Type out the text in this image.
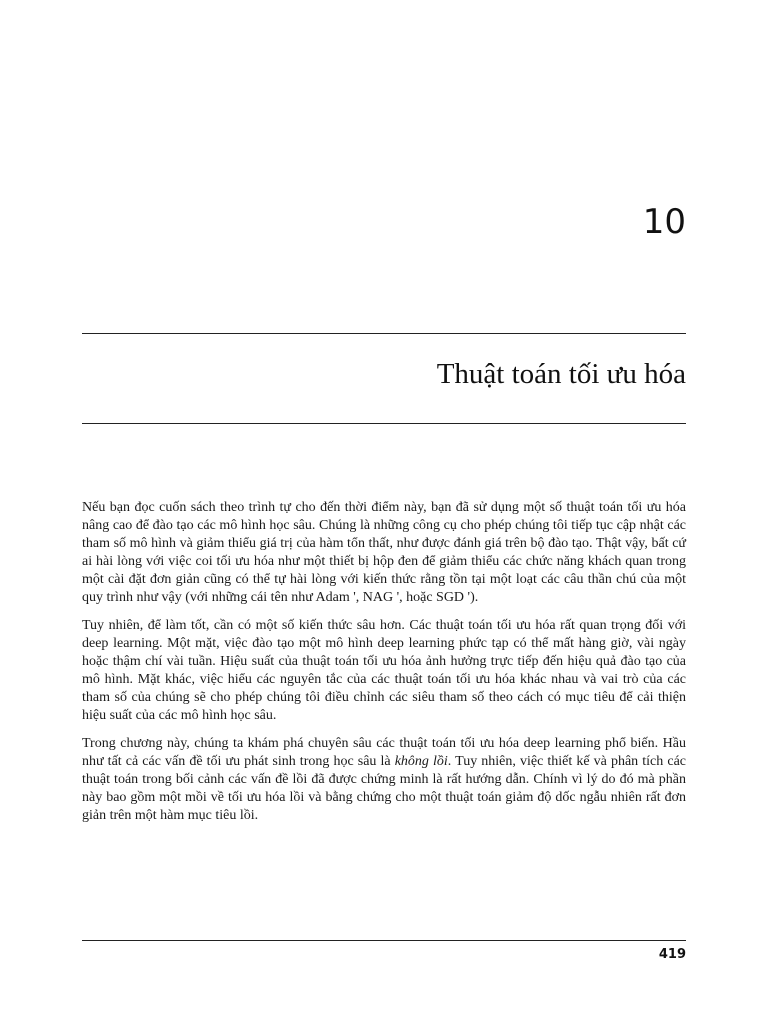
10
Thuật toán tối ưu hóa

Nếu bạn đọc cuốn sách theo trình tự cho đến thời điểm này, bạn đã sử dụng một số thuật toán tối ưu hóa nâng cao để đào tạo các mô hình học sâu. Chúng là những công cụ cho phép chúng tôi tiếp tục cập nhật các tham số mô hình và giảm thiểu giá trị của hàm tổn thất, như được đánh giá trên bộ đào tạo. Thật vậy, bất cứ ai hài lòng với việc coi tối ưu hóa như một thiết bị hộp đen để giảm thiểu các chức năng khách quan trong một cài đặt đơn giản cũng có thể tự hài lòng với kiến thức rằng tồn tại một loạt các câu thần chú của một quy trình như vậy (với những cái tên như Adam ', NAG ', hoặc SGD ').

Tuy nhiên, để làm tốt, cần có một số kiến thức sâu hơn. Các thuật toán tối ưu hóa rất quan trọng đối với deep learning. Một mặt, việc đào tạo một mô hình deep learning phức tạp có thể mất hàng giờ, vài ngày hoặc thậm chí vài tuần. Hiệu suất của thuật toán tối ưu hóa ảnh hưởng trực tiếp đến hiệu quả đào tạo của mô hình. Mặt khác, việc hiểu các nguyên tắc của các thuật toán tối ưu hóa khác nhau và vai trò của các tham số của chúng sẽ cho phép chúng tôi điều chỉnh các siêu tham số theo cách có mục tiêu để cải thiện hiệu suất của các mô hình học sâu.

Trong chương này, chúng ta khám phá chuyên sâu các thuật toán tối ưu hóa deep learning phổ biến. Hầu như tất cả các vấn đề tối ưu phát sinh trong học sâu là không lồi. Tuy nhiên, việc thiết kế và phân tích các thuật toán trong bối cảnh các vấn đề lồi đã được chứng minh là rất hướng dẫn. Chính vì lý do đó mà phần này bao gồm một mồi về tối ưu hóa lồi và bằng chứng cho một thuật toán giảm độ dốc ngẫu nhiên rất đơn giản trên một hàm mục tiêu lồi.

419
